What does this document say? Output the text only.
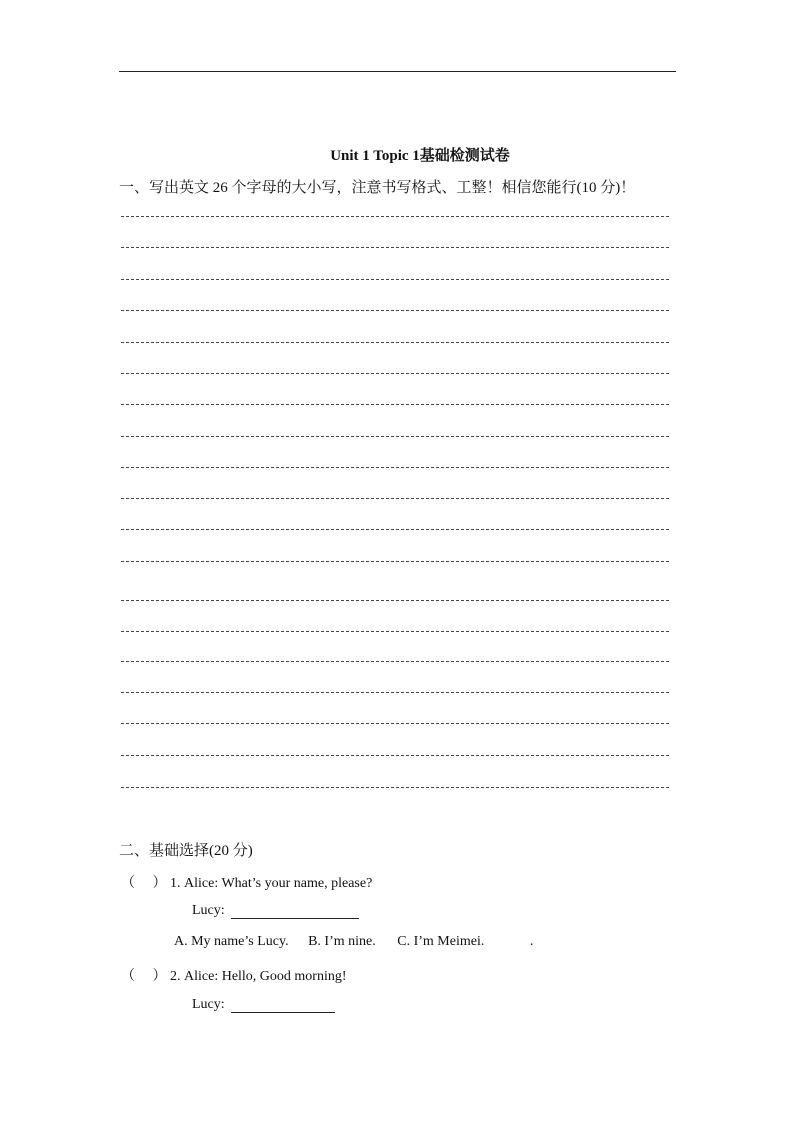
Unit 1 Topic 1基础检测试卷
一、写出英文 26 个字母的大小写，注意书写格式、工整！相信您能行(10 分)！
二、基础选择(20 分)
（　 ） 1. Alice: What’s your name, please?
Lucy:
A. My name’s Lucy. B. I’m nine. C. I’m Meimei.	.
（　 ） 2. Alice: Hello, Good morning!
Lucy:
